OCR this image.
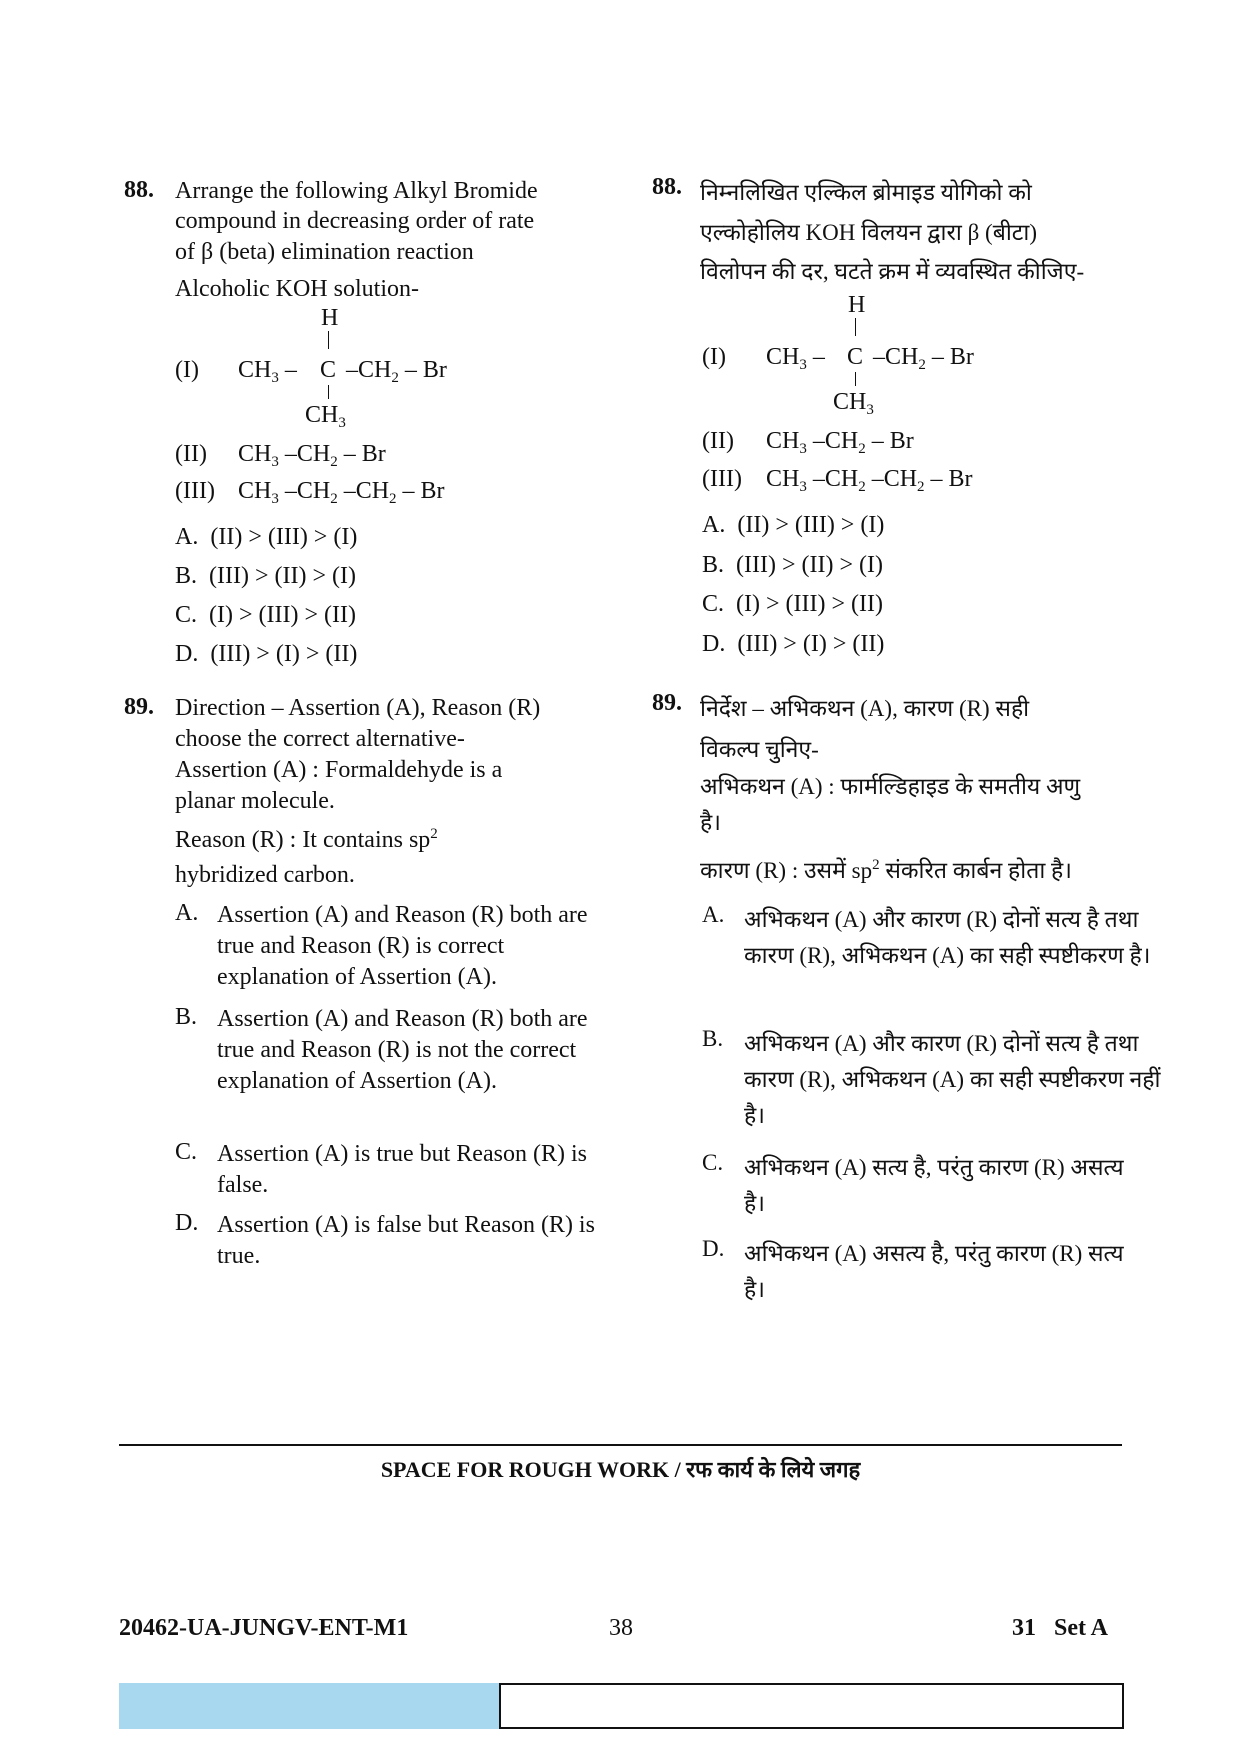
88. Arrange the following Alkyl Bromide
compound in decreasing order of rate
of β (beta) elimination reaction
Alcoholic KOH solution-
H
(I) $CH_3$ – C $-CH_2$ – Br
$CH_3$
(II) $CH_3$ $-CH_2$ – Br
(III) $CH_3$ $-CH_2$ $-CH_2$ – Br
A. (II) > (III) > (I)
B. (III) > (II) > (I)
C. (I) > (III) > (II)
D. (III) > (I) > (II)
89. Direction – Assertion (A), Reason (R)
choose the correct alternative-
Assertion (A) : Formaldehyde is a
planar molecule.
Reason (R) : It contains $sp^2$
hybridized carbon.
A. Assertion (A) and Reason (R) both are true and Reason (R) is correct explanation of Assertion (A).
B. Assertion (A) and Reason (R) both are true and Reason (R) is not the correct explanation of Assertion (A).
C. Assertion (A) is true but Reason (R) is false.
D. Assertion (A) is false but Reason (R) is true.
88. निम्नलिखित एल्किल ब्रोमाइड योगिको को
एल्कोहोलिय KOH विलयन द्वारा β (बीटा)
विलोपन की दर, घटते क्रम में व्यवस्थित कीजिए-
H
(I) $CH_3$ – C $-CH_2$ – Br
$CH_3$
(II) $CH_3$ $-CH_2$ – Br
(III) $CH_3$ $-CH_2$ $-CH_2$ – Br
A. (II) > (III) > (I)
B. (III) > (II) > (I)
C. (I) > (III) > (II)
D. (III) > (I) > (II)
89. निर्देश – अभिकथन (A), कारण (R) सही
विकल्प चुनिए-
अभिकथन (A) : फार्मल्डिहाइड के समतीय अणु
है।
कारण (R) : उसमें $sp^2$ संकरित कार्बन होता है।
A. अभिकथन (A) और कारण (R) दोनों सत्य है तथा कारण (R), अभिकथन (A) का सही स्पष्टीकरण है।
B. अभिकथन (A) और कारण (R) दोनों सत्य है तथा कारण (R), अभिकथन (A) का सही स्पष्टीकरण नहीं है।
C. अभिकथन (A) सत्य है, परंतु कारण (R) असत्य है।
D. अभिकथन (A) असत्य है, परंतु कारण (R) सत्य है।
SPACE FOR ROUGH WORK / रफ कार्य के लिये जगह
20462-UA-JUNGV-ENT-M1	38	31   Set A
